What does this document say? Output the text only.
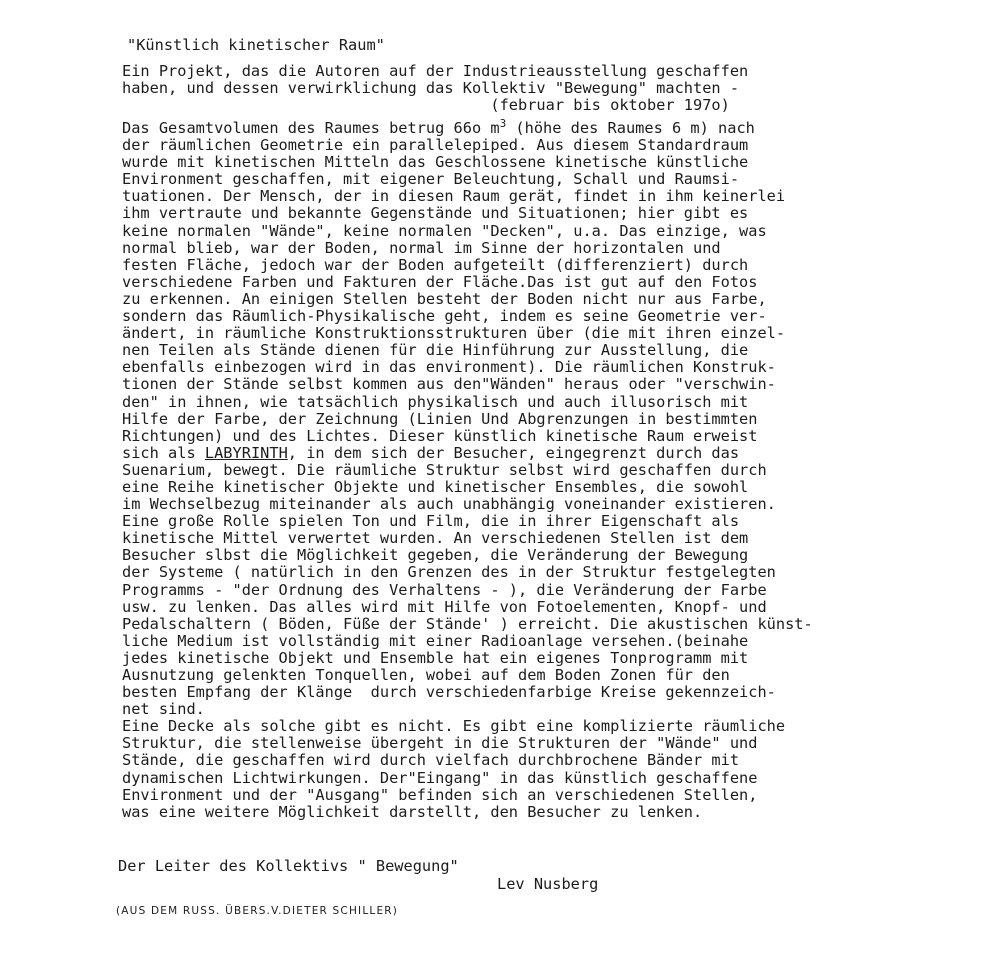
"Künstlich kinetischer Raum"
Ein Projekt, das die Autoren auf der Industrieausstellung geschaffen
haben, und dessen verwirklichung das Kollektiv "Bewegung" machten -
(februar bis oktober 197o)
Das Gesamtvolumen des Raumes betrug 66o $m^3$ (höhe des Raumes 6 m) nach
der räumlichen Geometrie ein parallelepiped. Aus diesem Standardraum
wurde mit kinetischen Mitteln das Geschlossene kinetische künstliche
Environment geschaffen, mit eigener Beleuchtung, Schall und Raumsi-
tuationen. Der Mensch, der in diesen Raum gerät, findet in ihm keinerlei
ihm vertraute und bekannte Gegenstände und Situationen; hier gibt es
keine normalen "Wände", keine normalen "Decken", u.a. Das einzige, was
normal blieb, war der Boden, normal im Sinne der horizontalen und
festen Fläche, jedoch war der Boden aufgeteilt (differenziert) durch
verschiedene Farben und Fakturen der Fläche.Das ist gut auf den Fotos
zu erkennen. An einigen Stellen besteht der Boden nicht nur aus Farbe,
sondern das Räumlich-Physikalische geht, indem es seine Geometrie ver-
ändert, in räumliche Konstruktionsstrukturen über (die mit ihren einzel-
nen Teilen als Stände dienen für die Hinführung zur Ausstellung, die
ebenfalls einbezogen wird in das environment). Die räumlichen Konstruk-
tionen der Stände selbst kommen aus den"Wänden" heraus oder "verschwin-
den" in ihnen, wie tatsächlich physikalisch und auch illusorisch mit
Hilfe der Farbe, der Zeichnung (Linien Und Abgrenzungen in bestimmten
Richtungen) und des Lichtes. Dieser künstlich kinetische Raum erweist
sich als LABYRINTH, in dem sich der Besucher, eingegrenzt durch das
Suenarium, bewegt. Die räumliche Struktur selbst wird geschaffen durch
eine Reihe kinetischer Objekte und kinetischer Ensembles, die sowohl
im Wechselbezug miteinander als auch unabhängig voneinander existieren.
Eine große Rolle spielen Ton und Film, die in ihrer Eigenschaft als
kinetische Mittel verwertet wurden. An verschiedenen Stellen ist dem
Besucher slbst die Möglichkeit gegeben, die Veränderung der Bewegung
der Systeme ( natürlich in den Grenzen des in der Struktur festgelegten
Programms - "der Ordnung des Verhaltens - ), die Veränderung der Farbe
usw. zu lenken. Das alles wird mit Hilfe von Fotoelementen, Knopf- und
Pedalschaltern ( Böden, Füße der Stände' ) erreicht. Die akustischen künst-
liche Medium ist vollständig mit einer Radioanlage versehen.(beinahe
jedes kinetische Objekt und Ensemble hat ein eigenes Tonprogramm mit
Ausnutzung gelenkten Tonquellen, wobei auf dem Boden Zonen für den
besten Empfang der Klänge  durch verschiedenfarbige Kreise gekennzeich-
net sind.
Eine Decke als solche gibt es nicht. Es gibt eine komplizierte räumliche
Struktur, die stellenweise übergeht in die Strukturen der "Wände" und
Stände, die geschaffen wird durch vielfach durchbrochene Bänder mit
dynamischen Lichtwirkungen. Der"Eingang" in das künstlich geschaffene
Environment und der "Ausgang" befinden sich an verschiedenen Stellen,
was eine weitere Möglichkeit darstellt, den Besucher zu lenken.
Der Leiter des Kollektivs " Bewegung"
Lev Nusberg
(AUS DEM RUSS. ÜBERS.V.DIETER SCHILLER)
